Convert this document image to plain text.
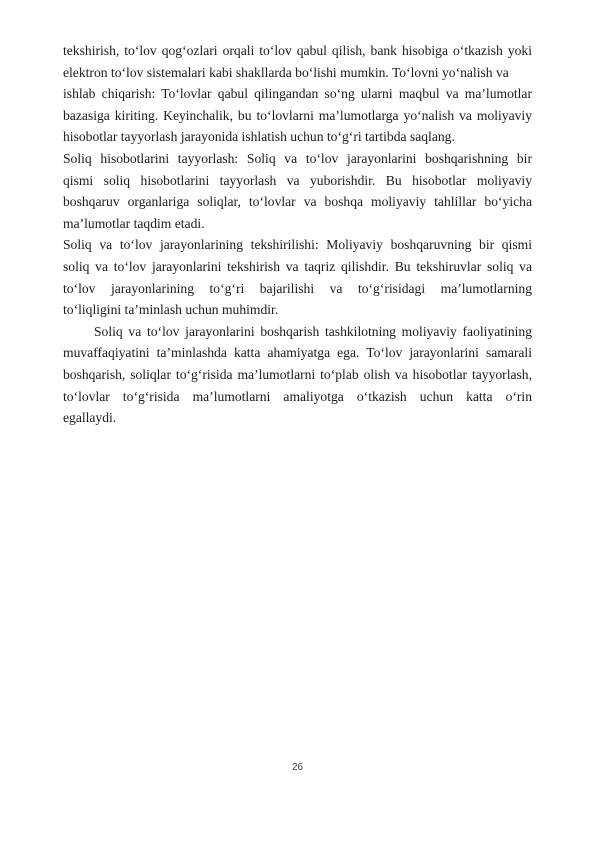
tekshirish, to‘lov qog‘ozlari orqali to‘lov qabul qilish, bank hisobiga o‘tkazish yoki
elektron to‘lov sistemalari kabi shakllarda bo‘lishi mumkin. To‘lovni yo‘nalish va
ishlab chiqarish: To‘lovlar qabul qilingandan so‘ng ularni maqbul va ma’lumotlar
bazasiga kiriting. Keyinchalik, bu to‘lovlarni ma’lumotlarga yo‘nalish va moliyaviy
hisobotlar tayyorlash jarayonida ishlatish uchun to‘g‘ri tartibda saqlang.
Soliq hisobotlarini tayyorlash: Soliq va to‘lov jarayonlarini boshqarishning bir
qismi soliq hisobotlarini tayyorlash va yuborishdir. Bu hisobotlar moliyaviy
boshqaruv organlariga soliqlar, to‘lovlar va boshqa moliyaviy tahlillar bo‘yicha
ma’lumotlar taqdim etadi.
Soliq va to‘lov jarayonlarining tekshirilishi: Moliyaviy boshqaruvning bir qismi
soliq va to‘lov jarayonlarini tekshirish va taqriz qilishdir. Bu tekshiruvlar soliq va
to‘lov jarayonlarining to‘g‘ri bajarilishi va to‘g‘risidagi ma’lumotlarning
to‘liqligini ta’minlash uchun muhimdir.
Soliq va to‘lov jarayonlarini boshqarish tashkilotning moliyaviy faoliyatining
muvaffaqiyatini ta’minlashda katta ahamiyatga ega. To‘lov jarayonlarini samarali
boshqarish, soliqlar to‘g‘risida ma’lumotlarni to‘plab olish va hisobotlar tayyorlash,
to‘lovlar to‘g‘risida ma’lumotlarni amaliyotga o‘tkazish uchun katta o‘rin
egallaydi.
26
